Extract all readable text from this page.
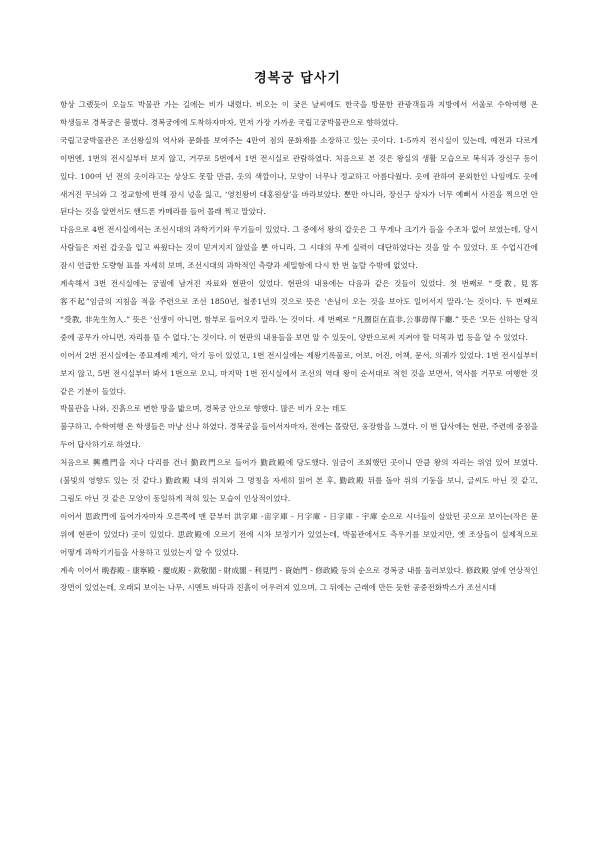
경복궁 답사기

항상 그랬듯이 오늘도 박물관 가는 길에는 비가 내렸다. 비오는 이 궂은 날씨에도 한국을 방문한 관광객들과 지방에서 서울로 수학여행 온 학생들로 경복궁은 붐볐다. 경복궁에에 도착하자마자, 먼저 가장 가까운 국립고궁박물관으로 향하였다.

국립고궁박물관은 조선왕실의 역사와 문화를 보여주는 4만여 점의 문화재를 소장하고 있는 곳이다. 1-5까지 전시실이 있는데, 예전과 다르게 이번엔, 1번의 전시실부터 보지 않고, 거꾸로 5번에서 1번 전시실로 관람하였다. 처음으로 본 것은 왕실의 생활 모습으로 복식과 장신구 등이 있다. 100여 년 전의 옷이라고는 상상도 못할 만큼, 옷의 색깔이나, 모양이 너무나 정교하고 아름다웠다. 옷에 관하여 문외한인 나임에도 옷에 새겨진 무늬와 그 정교함에 반해 잠시 넋을 잃고, ‘영친왕비 대홍원삼’을 바라보았다. 뿐만 아니라, 장신구 상자가 너무 예뻐서 사진을 찍으면 안 된다는 것을 알면서도 핸드폰 카메라를 들어 몰래 찍고 말았다.

다음으로 4번 전시실에서는 조선시대의 과학기기와 무기들이 있었다. 그 중에서 왕의 갑옷은 그 무게나 크기가 들을 수조차 없어 보였는데, 당시 사람들은 저런 갑옷을 입고 싸웠다는 것이 믿겨지지 않았을 뿐 아니라, 그 시대의 무게 실력이 대단하였다는 것을 알 수 있었다. 또 수업시간에 잠시 언급한 도량형 표를 자세히 보며, 조선시대의 과학적인 측량과 세밀함에 다시 한 번 놀랄 수밖에 없었다.

계속해서 3번 전시실에는 궁궐에 남겨진 자료와 현판이 있었다. 현판의 내용에는 다음과 같은 것들이 있었다. 첫 번째로 “受教, 見客 客不起”임금의 지침을 적을 주련으로 조선 1850년, 철종1년의 것으로 뜻은 ‘손님이 오는 것을 보아도 일어서지 말라.’는 것이다. 두 번째로 “受教, 非先生勿入.” 뜻은 ‘선생이 아니면, 함부로 들어오지 말라.’는 것이다. 세 번째로 “凡圈臣在直非,公事毋得下廳.” 뜻은 ‘모든 신하는 당직 중에 공무가 아니면, 자리를 뜰 수 없다.’는 것이다. 이 현판의 내용들을 보면 알 수 있듯이, 양반으로써 지켜야 할 덕목과 법 등을 알 수 있었다.

이어서 2번 전시실에는 종묘제례 제기, 악기 등이 있었고, 1번 전시실에는 제왕기록물로, 어보, 어진, 어책, 문서, 의궤가 있었다. 1번 전시실부터 보지 않고, 5번 전시실부터 봐서 1번으로 오니, 마지막 1번 전시실에서 조선의 역대 왕이 순서대로 적힌 것을 보면서, 역사를 거꾸로 여행한 것 같은 기분이 들었다.

박물관을 나와, 진흙으로 변한 땅을 밟으며, 경복궁 안으로 향했다. 많은 비가 오는 데도

불구하고, 수학여행 온 학생들은 마냥 신나 하였다. 경복궁을 들어서자마자, 전에는 몰랐던, 웅장함을 느꼈다. 이 번 답사에는 현판, 주련에 중점을 두어 답사하기로 하였다.

처음으로 興禮門을 지나 다리를 건너 勤政門으로 들어가 勤政殿에 당도했다. 임금이 조회했던 곳이니 만큼 왕의 자리는 위엄 있어 보였다.(불빛의 영향도 있는 것 같다.) 勤政殿 내의 위치와 그 명칭을 자세히 읽어 본 후, 勤政殿 뒤를 돌아 위의 기둥을 보니, 글씨도 아닌 것 같고, 그림도 아닌 것 같은 모양이 동일하게 적혀 있는 모습이 인상적이었다.

이어서 思政門에 들어가자마자 오른쪽에 맨 끝부터 洪字庫 -宙字庫 - 月字庫 - 日字庫 - 宇庫 순으로 시너들이 살았던 곳으로 보이는(작은 문 위에 현판이 있었다) 곳이 있었다. 思政殿에 오르기 전에 시차 보정기가 있었는데, 박물관에서도 측우기를 보았지만, 옛 조상들이 실제적으로 어떻게 과학기기들을 사용하고 있었는지 알 수 있었다.

계속 이어서 晩春殿 - 康寧殿 - 慶成殿 - 欽敬閣 - 財成閣 - 利見門 - 資始門 - 修政殿 등의 순으로 경복궁 내를 둘러보았다. 修政殿 옆에 연상적인 장면이 있었는데, 오래되 보이는 나무, 시멘트 바닥과 진흙이 어우러져 있으며, 그 뒤에는 근래에 만든 듯한 공중전화박스가 조선시대
